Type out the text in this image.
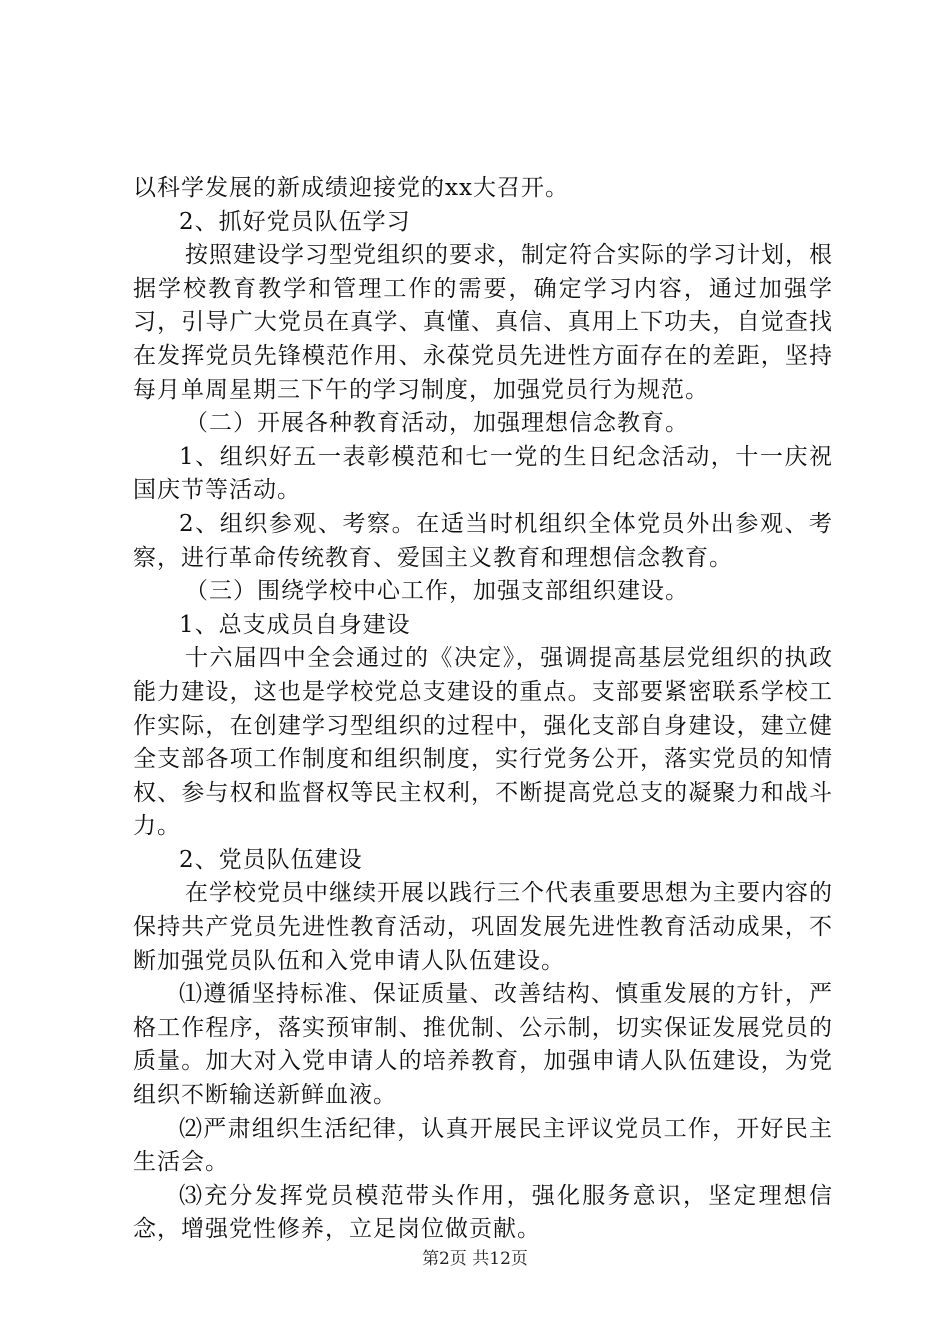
以科学发展的新成绩迎接党的xx大召开。

2、抓好党员队伍学习

按照建设学习型党组织的要求，制定符合实际的学习计划，根据学校教育教学和管理工作的需要，确定学习内容，通过加强学习，引导广大党员在真学、真懂、真信、真用上下功夫，自觉查找在发挥党员先锋模范作用、永葆党员先进性方面存在的差距，坚持每月单周星期三下午的学习制度，加强党员行为规范。

（二）开展各种教育活动，加强理想信念教育。

1、组织好五一表彰模范和七一党的生日纪念活动，十一庆祝国庆节等活动。

2、组织参观、考察。在适当时机组织全体党员外出参观、考察，进行革命传统教育、爱国主义教育和理想信念教育。

（三）围绕学校中心工作，加强支部组织建设。

1、总支成员自身建设

十六届四中全会通过的《决定》，强调提高基层党组织的执政能力建设，这也是学校党总支建设的重点。支部要紧密联系学校工作实际，在创建学习型组织的过程中，强化支部自身建设，建立健全支部各项工作制度和组织制度，实行党务公开，落实党员的知情权、参与权和监督权等民主权利，不断提高党总支的凝聚力和战斗力。

2、党员队伍建设

在学校党员中继续开展以践行三个代表重要思想为主要内容的保持共产党员先进性教育活动，巩固发展先进性教育活动成果，不断加强党员队伍和入党申请人队伍建设。

⑴遵循坚持标准、保证质量、改善结构、慎重发展的方针，严格工作程序，落实预审制、推优制、公示制，切实保证发展党员的质量。加大对入党申请人的培养教育，加强申请人队伍建设，为党组织不断输送新鲜血液。

⑵严肃组织生活纪律，认真开展民主评议党员工作，开好民主生活会。

⑶充分发挥党员模范带头作用，强化服务意识，坚定理想信念，增强党性修养，立足岗位做贡献。

第2页 共12页
